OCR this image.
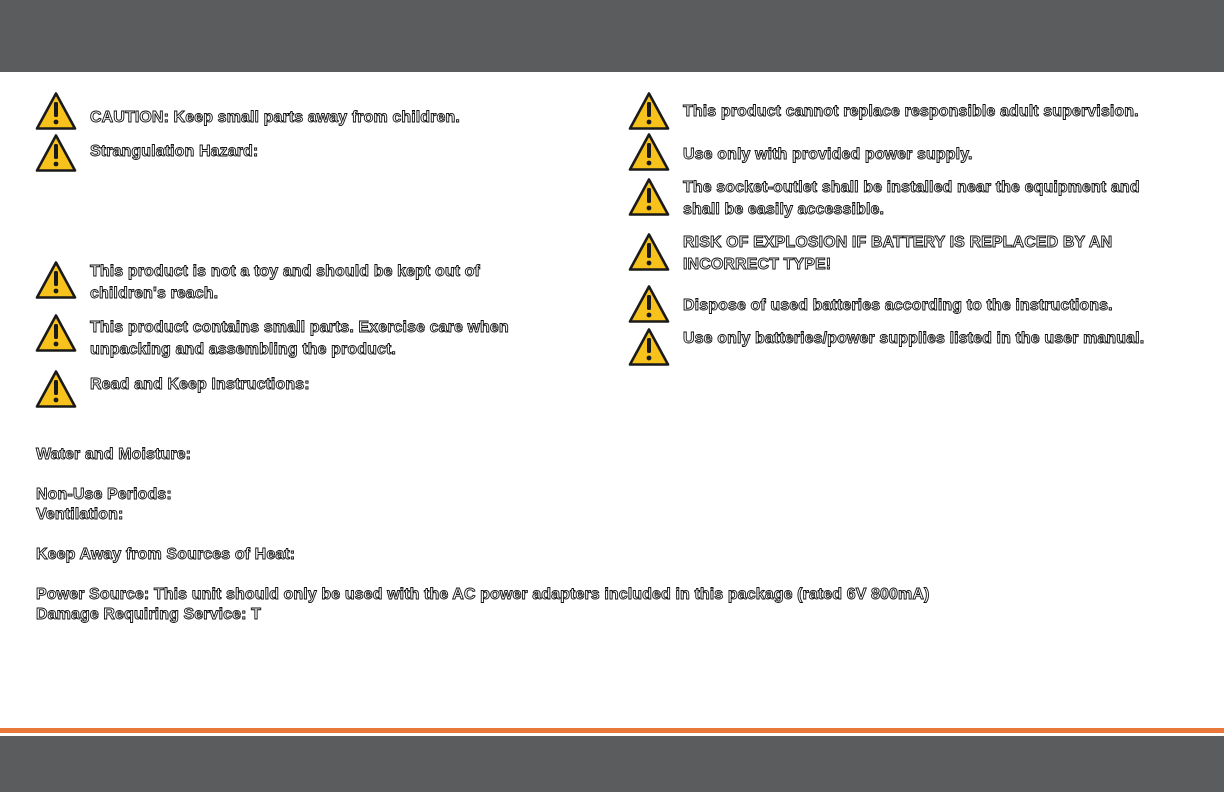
CAUTION: Keep small parts away from children.
Strangulation Hazard:
This product is not a toy and should be kept out of
children's reach.
This product contains small parts. Exercise care when
unpacking and assembling the product.
Read and Keep Instructions:
This product cannot replace responsible adult supervision.
Use only with provided power supply.
The socket-outlet shall be installed near the equipment and
shall be easily accessible.
RISK OF EXPLOSION IF BATTERY IS REPLACED BY AN
INCORRECT TYPE!
Dispose of used batteries according to the instructions.
Use only batteries/power supplies listed in the user manual.
Water and Moisture:
Non-Use Periods:
Ventilation:
Keep Away from Sources of Heat:
Power Source: This unit should only be used with the AC power adapters included in this package (rated 6V 800mA)
Damage Requiring Service: T
